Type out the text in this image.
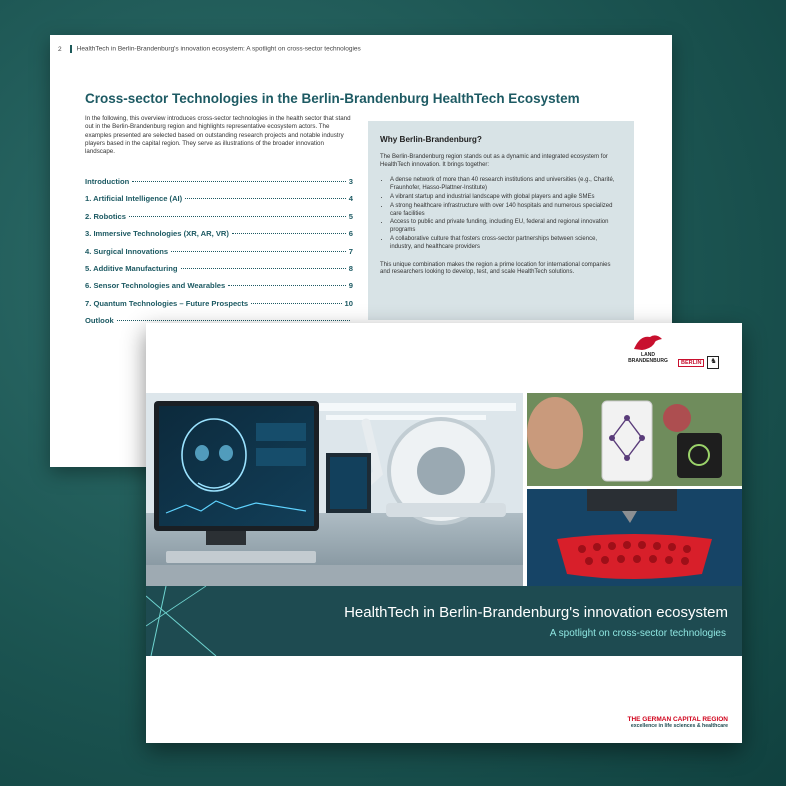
2 HealthTech in Berlin-Brandenburg's innovation ecosystem: A spotlight on cross-sector technologies
Cross-sector Technologies in the Berlin-Brandenburg HealthTech Ecosystem

In the following, this overview introduces cross-sector technologies in the health sector that stand out in the Berlin-Brandenburg region and highlights representative ecosystem actors. The examples presented are selected based on outstanding research projects and notable industry players based in the capital region. They serve as illustrations of the broader innovation landscape.

Introduction	3
1. Artificial Intelligence (AI)	4
2. Robotics	5
3. Immersive Technologies (XR, AR, VR)	6
4. Surgical Innovations	7
5. Additive Manufacturing	8
6. Sensor Technologies and Wearables	9
7. Quantum Technologies – Future Prospects	10
Outlook
Why Berlin-Brandenburg?

The Berlin-Brandenburg region stands out as a dynamic and integrated ecosystem for HealthTech innovation. It brings together:

• A dense network of more than 40 research institutions and universities (e.g., Charité, Fraunhofer, Hasso-Plattner-Institute)
• A vibrant startup and industrial landscape with global players and agile SMEs
• A strong healthcare infrastructure with over 140 hospitals and numerous specialized care facilities
• Access to public and private funding, including EU, federal and regional innovation programs
• A collaborative culture that fosters cross-sector partnerships between science, industry, and healthcare providers

This unique combination makes the region a prime location for international companies and researchers looking to develop, test, and scale HealthTech solutions.

LAND BRANDENBURG	BERLIN	♞
HealthTech in Berlin-Brandenburg's innovation ecosystem
A spotlight on cross-sector technologies
THE GERMAN CAPITAL REGION
excellence in life sciences & healthcare
